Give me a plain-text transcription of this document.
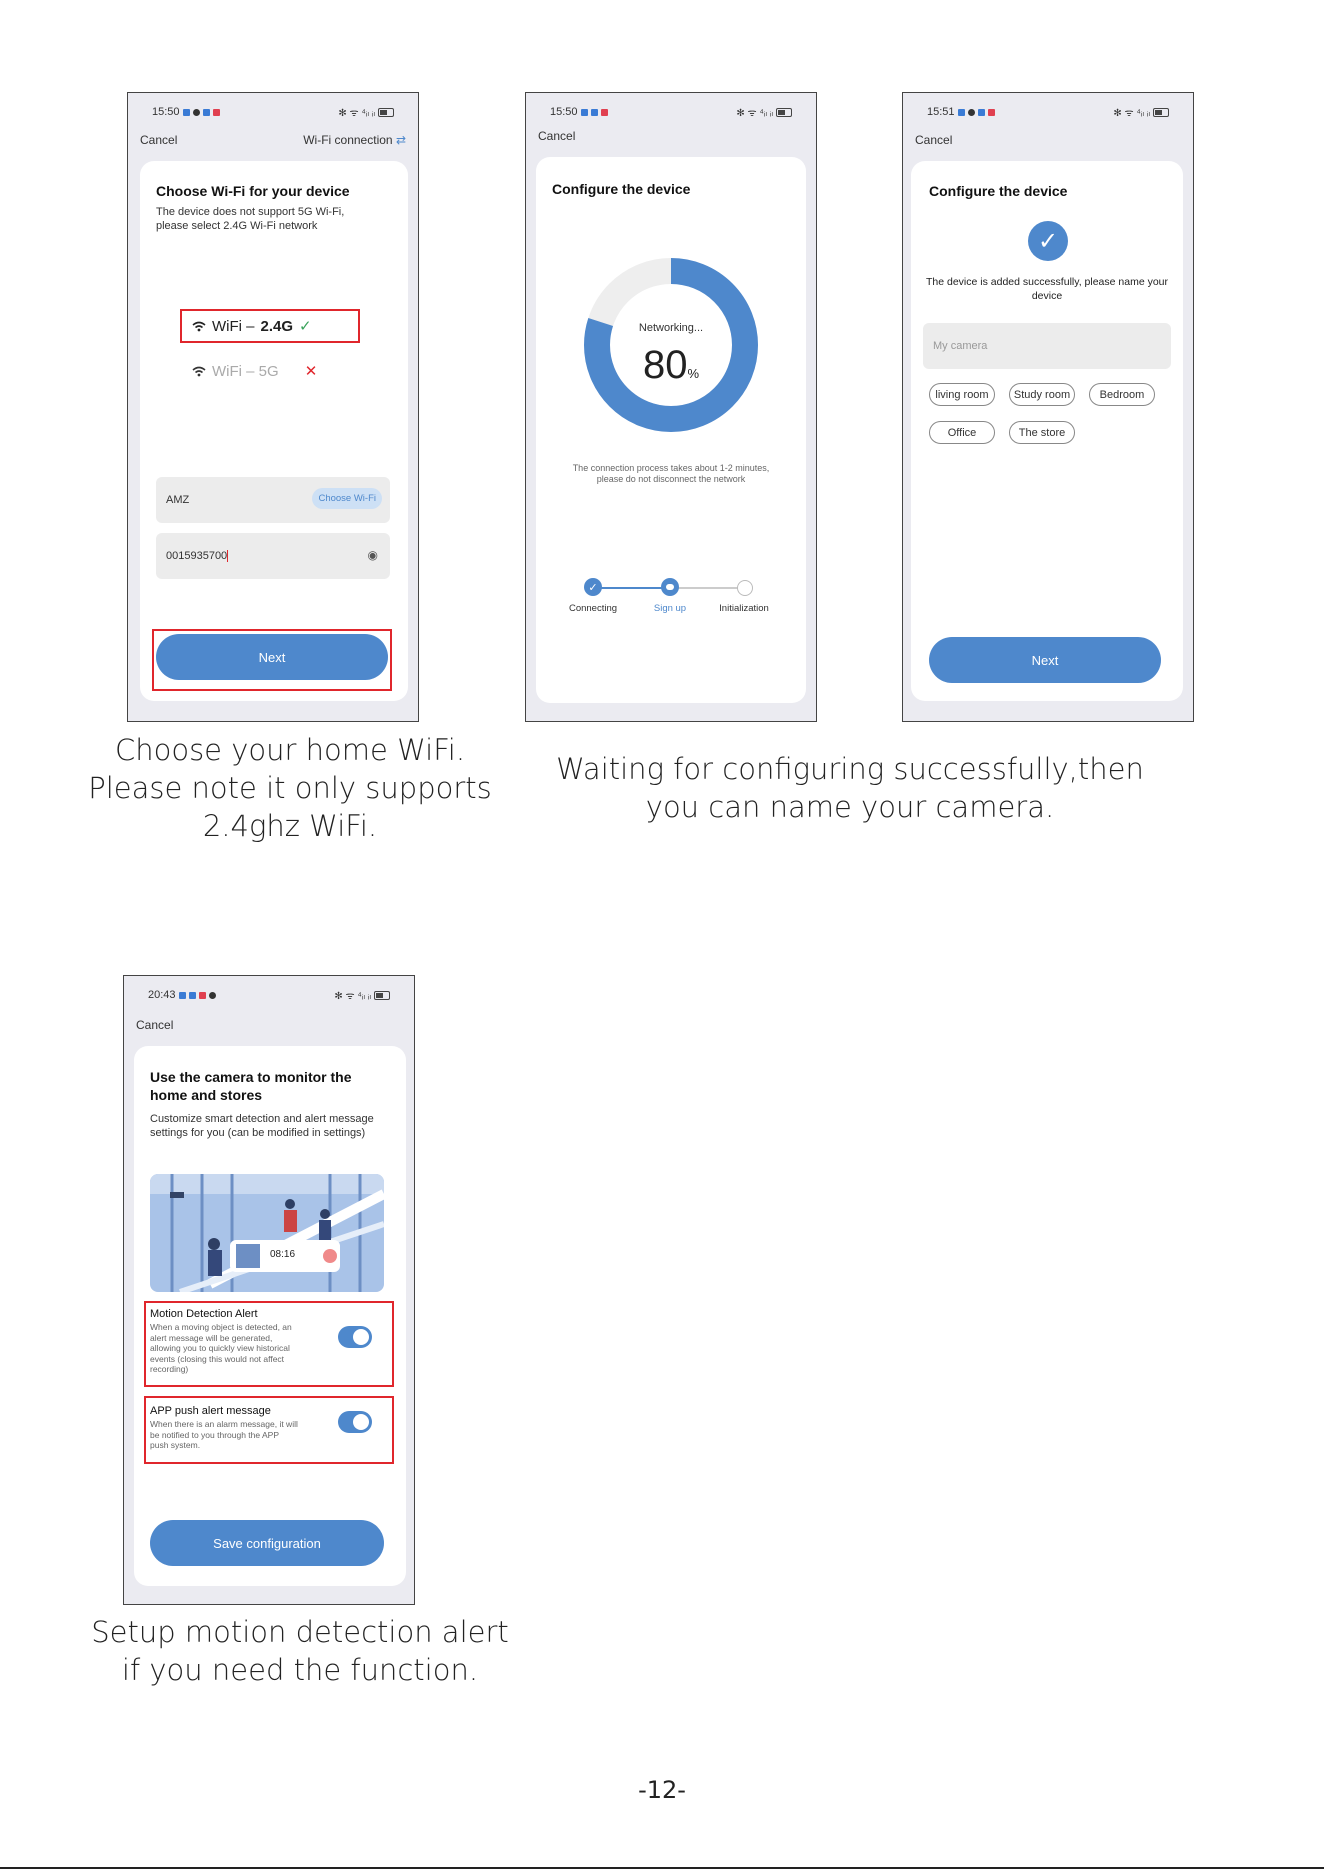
15:50	✻ ᯤ ⁴ᵢₗ ᵢₗ
Cancel	Wi-Fi connection ⇄
Choose Wi-Fi for your device
The device does not support 5G Wi-Fi, please select 2.4G Wi-Fi network
WiFi – 2.4G ✓
WiFi – 5G ✕
AMZ	Choose Wi-Fi
0015935700	◉
Next
Choose your home WiFi.
Please note it only supports
2.4ghz WiFi.
15:50	✻ ᯤ ⁴ᵢₗ ᵢₗ
Cancel
Configure the device
Networking...
80%
The connection process takes about 1-2 minutes, please do not disconnect the network
✓
Connecting	Sign up	Initialization
15:51	✻ ᯤ ⁴ᵢₗ ᵢₗ
Cancel
Configure the device
✓
The device is added successfully, please name your device
My camera
living room	Study room	Bedroom
Office	The store
Next
Waiting for configuring successfully,then
you can name your camera.
20:43	✻ ᯤ ⁴ᵢₗ ᵢₗ
Cancel
Use the camera to monitor the home and stores
Customize smart detection and alert message settings for you (can be modified in settings)
08:16
Motion Detection Alert
When a moving object is detected, an alert message will be generated, allowing you to quickly view historical events (closing this would not affect recording)
APP push alert message
When there is an alarm message, it will be notified to you through the APP push system.
Save configuration
Setup motion detection alert
if you need the function.
-12-
